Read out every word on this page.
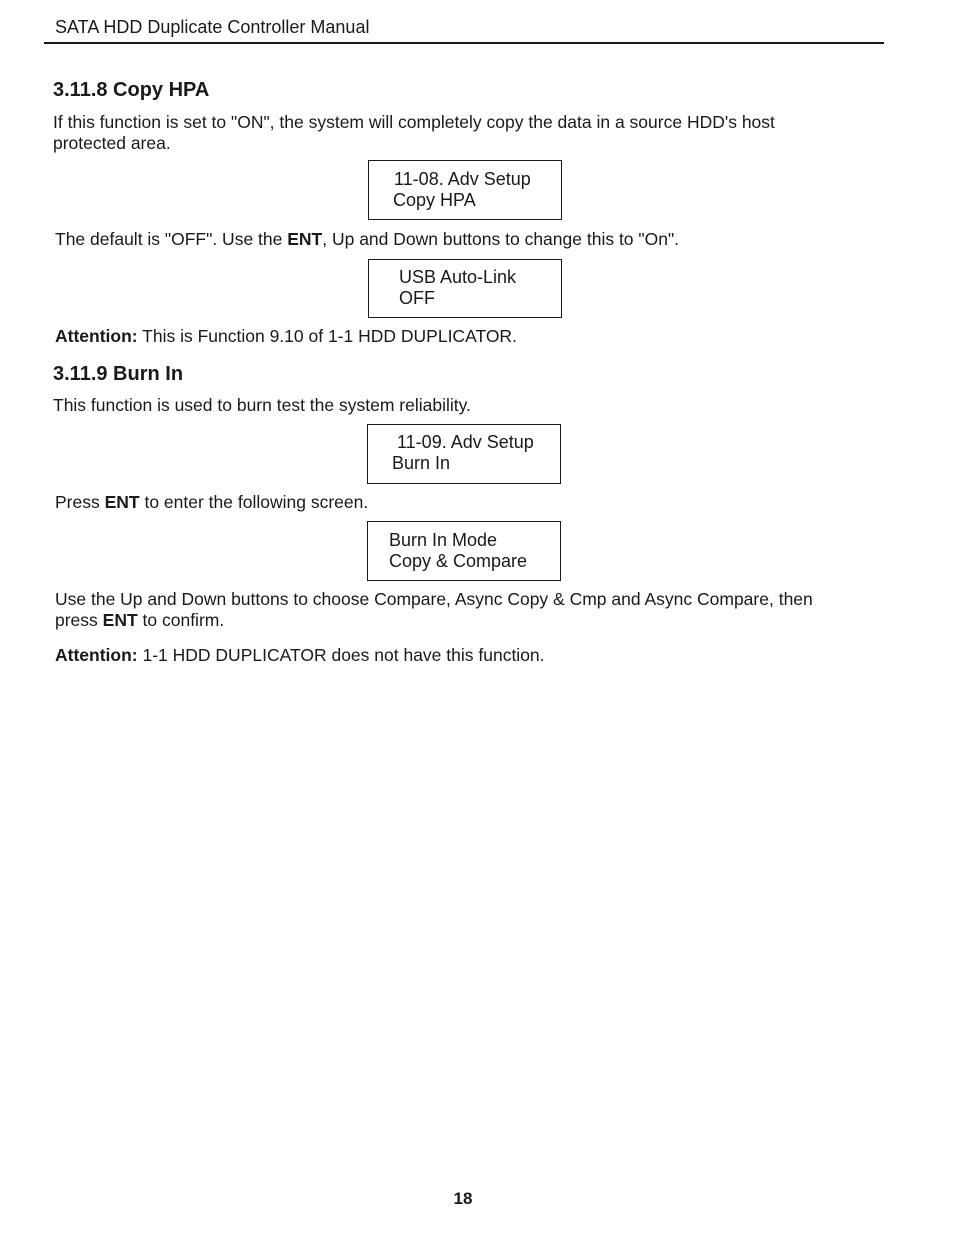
SATA HDD Duplicate Controller Manual
3.11.8 Copy HPA

If this function is set to "ON", the system will completely copy the data in a source HDD's host

protected area.

11-08. Adv Setup
Copy HPA

The default is "OFF". Use the ENT, Up and Down buttons to change this to "On".

USB Auto-Link
OFF

Attention: This is Function 9.10 of 1-1 HDD DUPLICATOR.

3.11.9 Burn In

This function is used to burn test the system reliability.

11-09. Adv Setup
Burn In

Press ENT to enter the following screen.

Burn In Mode
Copy & Compare

Use the Up and Down buttons to choose Compare, Async Copy & Cmp and Async Compare, then

press ENT to confirm.

Attention: 1-1 HDD DUPLICATOR does not have this function.

18
